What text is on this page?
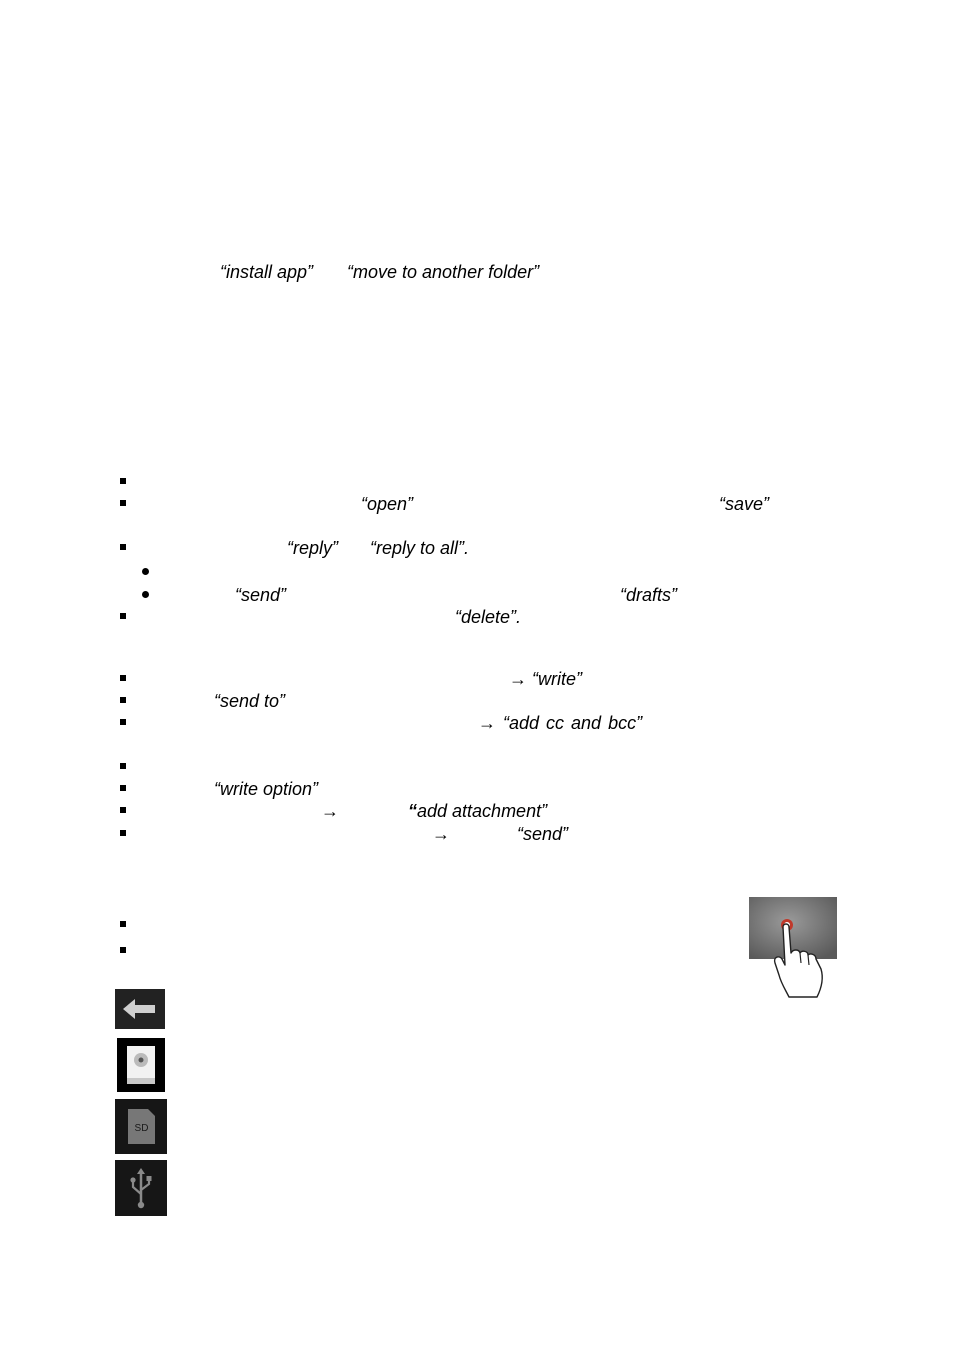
“install app” “move to another folder”
“open”	“save”
“reply” “reply to all”.
“send”	“drafts”
“delete”.
→ “write”
“send to”
→ “add cc and bcc”
“write option”
→	“add attachment”
→	“send”
SD
